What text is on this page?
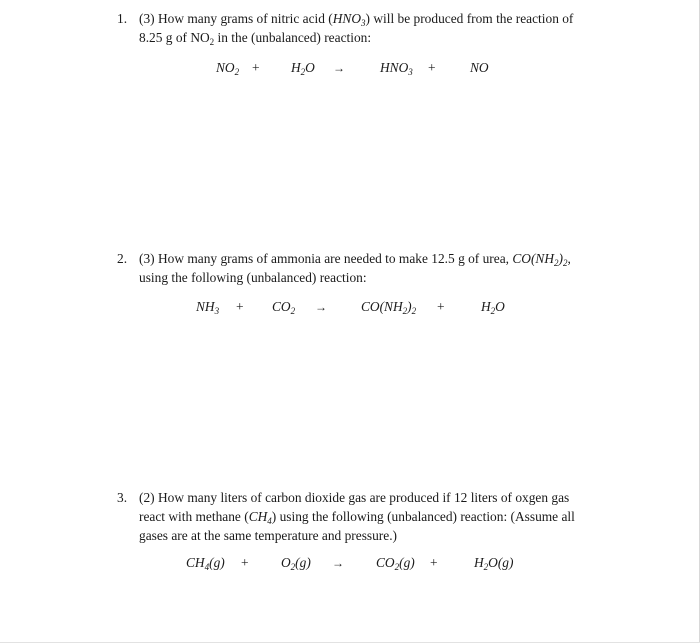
1. (3) How many grams of nitric acid $(HNO_3)$ will be produced from the reaction of
8.25 g of $NO_2$ in the (unbalanced) reaction:
$NO_2 + H_2O$ →	$HNO_3$ +	NO
2. (3) How many grams of ammonia are needed to make 12.5 g of urea, $CO(NH_2)_2$,
using the following (unbalanced) reaction:
$NH_3 + CO_2$ →	$CO(NH_2)_2$ +	$H_2O$
3. (2) How many liters of carbon dioxide gas are produced if 12 liters of oxgen gas
react with methane $(CH_4)$ using the following (unbalanced) reaction: (Assume all
gases are at the same temperature and pressure.)
$CH_4(g) + O_2(g) \to CO_2(g)$ +	$H_2O(g)$
